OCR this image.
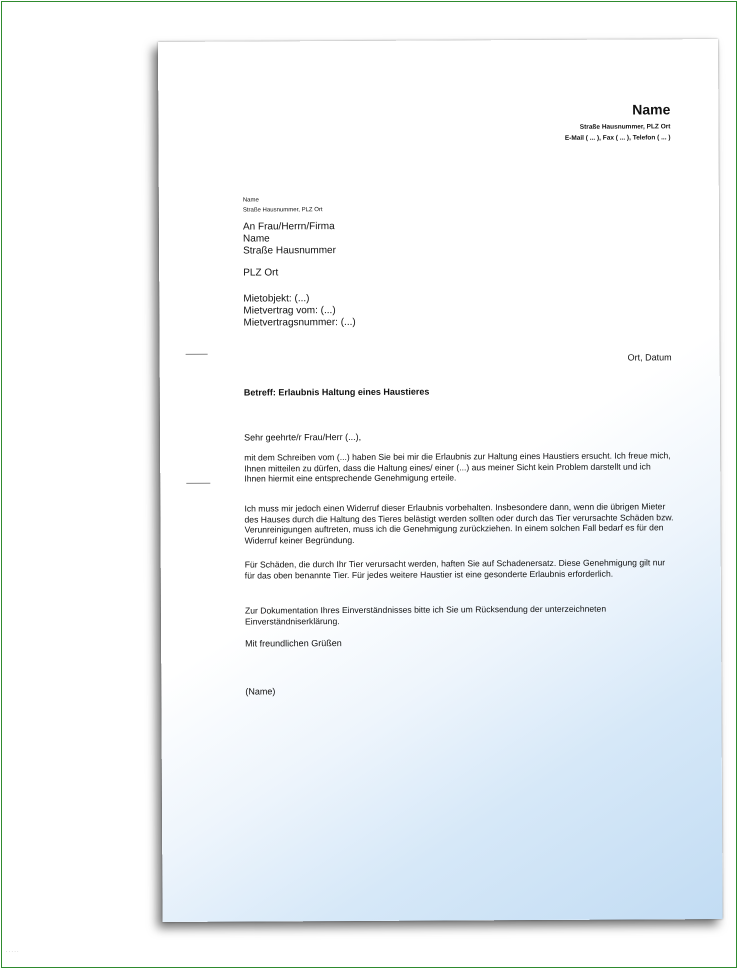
Name
Straße Hausnummer, PLZ Ort
E-Mail ( ... ), Fax ( ... ), Telefon ( ... )
Name
Straße Hausnummer, PLZ Ort
An Frau/Herrn/Firma
Name
Straße Hausnummer
PLZ Ort
Mietobjekt: (...)
Mietvertrag vom: (...)
Mietvertragsnummer: (...)
Ort, Datum
Betreff: Erlaubnis Haltung eines Haustieres
Sehr geehrte/r Frau/Herr (...),
mit dem Schreiben vom (...) haben Sie bei mir die Erlaubnis zur Haltung eines Haustiers ersucht. Ich freue mich, Ihnen mitteilen zu dürfen, dass die Haltung eines/ einer (...) aus meiner Sicht kein Problem darstellt und ich Ihnen hiermit eine entsprechende Genehmigung erteile.
Ich muss mir jedoch einen Widerruf dieser Erlaubnis vorbehalten. Insbesondere dann, wenn die übrigen Mieter des Hauses durch die Haltung des Tieres belästigt werden sollten oder durch das Tier verursachte Schäden bzw. Verunreinigungen auftreten, muss ich die Genehmigung zurückziehen. In einem solchen Fall bedarf es für den Widerruf keiner Begründung.
Für Schäden, die durch Ihr Tier verursacht werden, haften Sie auf Schadenersatz. Diese Genehmigung gilt nur für das oben benannte Tier. Für jedes weitere Haustier ist eine gesonderte Erlaubnis erforderlich.
Zur Dokumentation Ihres Einverständnisses bitte ich Sie um Rücksendung der unterzeichneten Einverständniserklärung.
Mit freundlichen Grüßen
(Name)
. . . . .
